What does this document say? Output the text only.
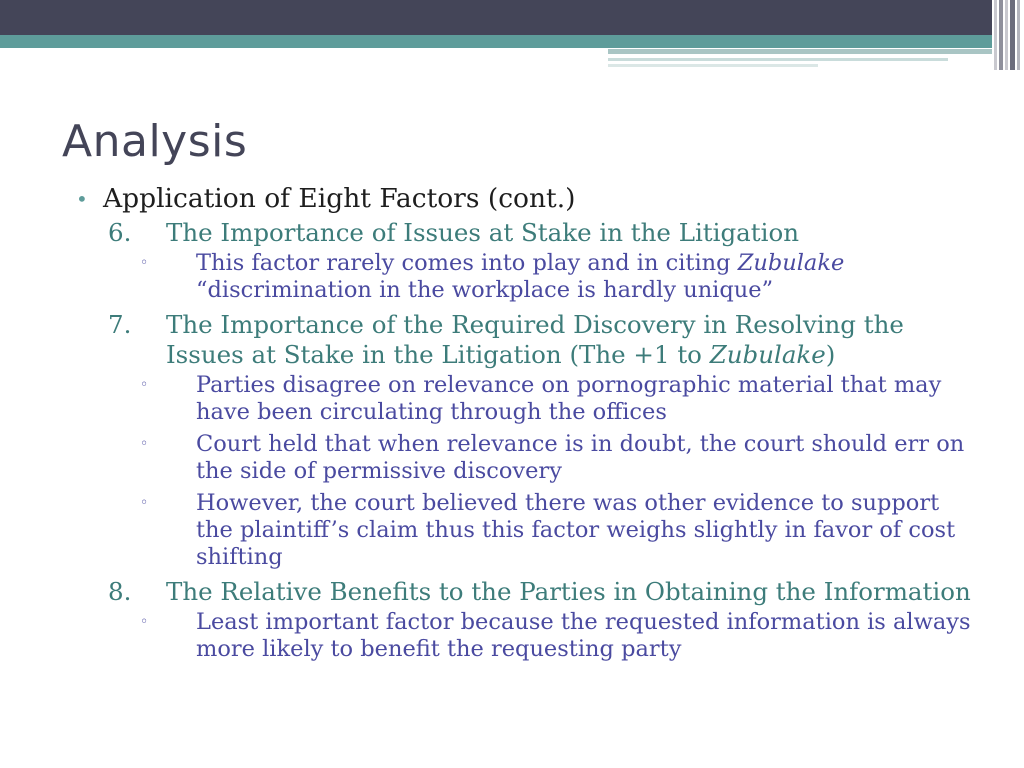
Analysis
• Application of Eight Factors (cont.)
6. The Importance of Issues at Stake in the Litigation
◦ This factor rarely comes into play and in citing Zubulake “discrimination in the workplace is hardly unique”
7. The Importance of the Required Discovery in Resolving the Issues at Stake in the Litigation (The +1 to Zubulake)
◦ Parties disagree on relevance on pornographic material that may have been circulating through the offices
◦ Court held that when relevance is in doubt, the court should err on the side of permissive discovery
◦ However, the court believed there was other evidence to support the plaintiff’s claim thus this factor weighs slightly in favor of cost shifting
8. The Relative Benefits to the Parties in Obtaining the Information
◦ Least important factor because the requested information is always more likely to benefit the requesting party
